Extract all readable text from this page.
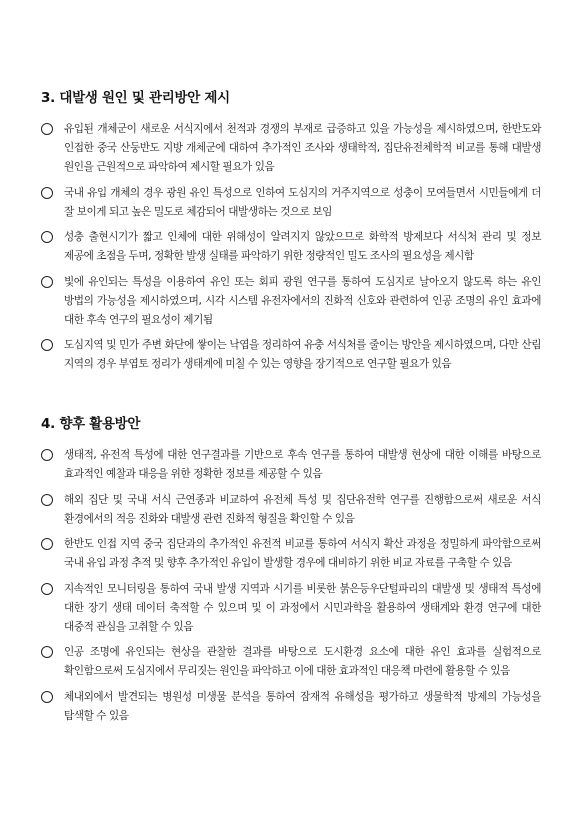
3. 대발생 원인 및 관리방안 제시
유입된 개체군이 새로운 서식지에서 천적과 경쟁의 부재로 급증하고 있을 가능성을 제시하였으며, 한반도와 인접한 중국 산둥반도 지방 개체군에 대하여 추가적인 조사와 생태학적, 집단유전체학적 비교를 통해 대발생 원인을 근원적으로 파악하여 제시할 필요가 있음
국내 유입 개체의 경우 광원 유인 특성으로 인하여 도심지의 거주지역으로 성충이 모여들면서 시민들에게 더 잘 보이게 되고 높은 밀도로 체감되어 대발생하는 것으로 보임
성충 출현시기가 짧고 인체에 대한 위해성이 알려지지 않았으므로 화학적 방제보다 서식처 관리 및 정보 제공에 초점을 두며, 정확한 발생 실태를 파악하기 위한 정량적인 밀도 조사의 필요성을 제시함
빛에 유인되는 특성을 이용하여 유인 또는 회피 광원 연구를 통하여 도심지로 날아오지 않도록 하는 유인 방법의 가능성을 제시하였으며, 시각 시스템 유전자에서의 진화적 신호와 관련하여 인공 조명의 유인 효과에 대한 후속 연구의 필요성이 제기됨
도심지역 및 민가 주변 화단에 쌓이는 낙엽을 정리하여 유충 서식처를 줄이는 방안을 제시하였으며, 다만 산림 지역의 경우 부엽토 정리가 생태계에 미칠 수 있는 영향을 장기적으로 연구할 필요가 있음
4. 향후 활용방안
생태적, 유전적 특성에 대한 연구결과를 기반으로 후속 연구를 통하여 대발생 현상에 대한 이해를 바탕으로 효과적인 예찰과 대응을 위한 정확한 정보를 제공할 수 있음
해외 집단 및 국내 서식 근연종과 비교하여 유전체 특성 및 집단유전학 연구를 진행함으로써 새로운 서식 환경에서의 적응 진화와 대발생 관련 진화적 형질을 확인할 수 있음
한반도 인접 지역 중국 집단과의 추가적인 유전적 비교를 통하여 서식지 확산 과정을 정밀하게 파악함으로써 국내 유입 과정 추적 및 향후 추가적인 유입이 발생할 경우에 대비하기 위한 비교 자료를 구축할 수 있음
지속적인 모니터링을 통하여 국내 발생 지역과 시기를 비롯한 붉은등우단털파리의 대발생 및 생태적 특성에 대한 장기 생태 데이터 축적할 수 있으며 및 이 과정에서 시민과학을 활용하여 생태계와 환경 연구에 대한 대중적 관심을 고취할 수 있음
인공 조명에 유인되는 현상을 관찰한 결과를 바탕으로 도시환경 요소에 대한 유인 효과를 실험적으로 확인함으로써 도심지에서 무리짓는 원인을 파악하고 이에 대한 효과적인 대응책 마련에 활용할 수 있음
체내외에서 발견되는 병원성 미생물 분석을 통하여 잠재적 유해성을 평가하고 생물학적 방제의 가능성을 탐색할 수 있음
